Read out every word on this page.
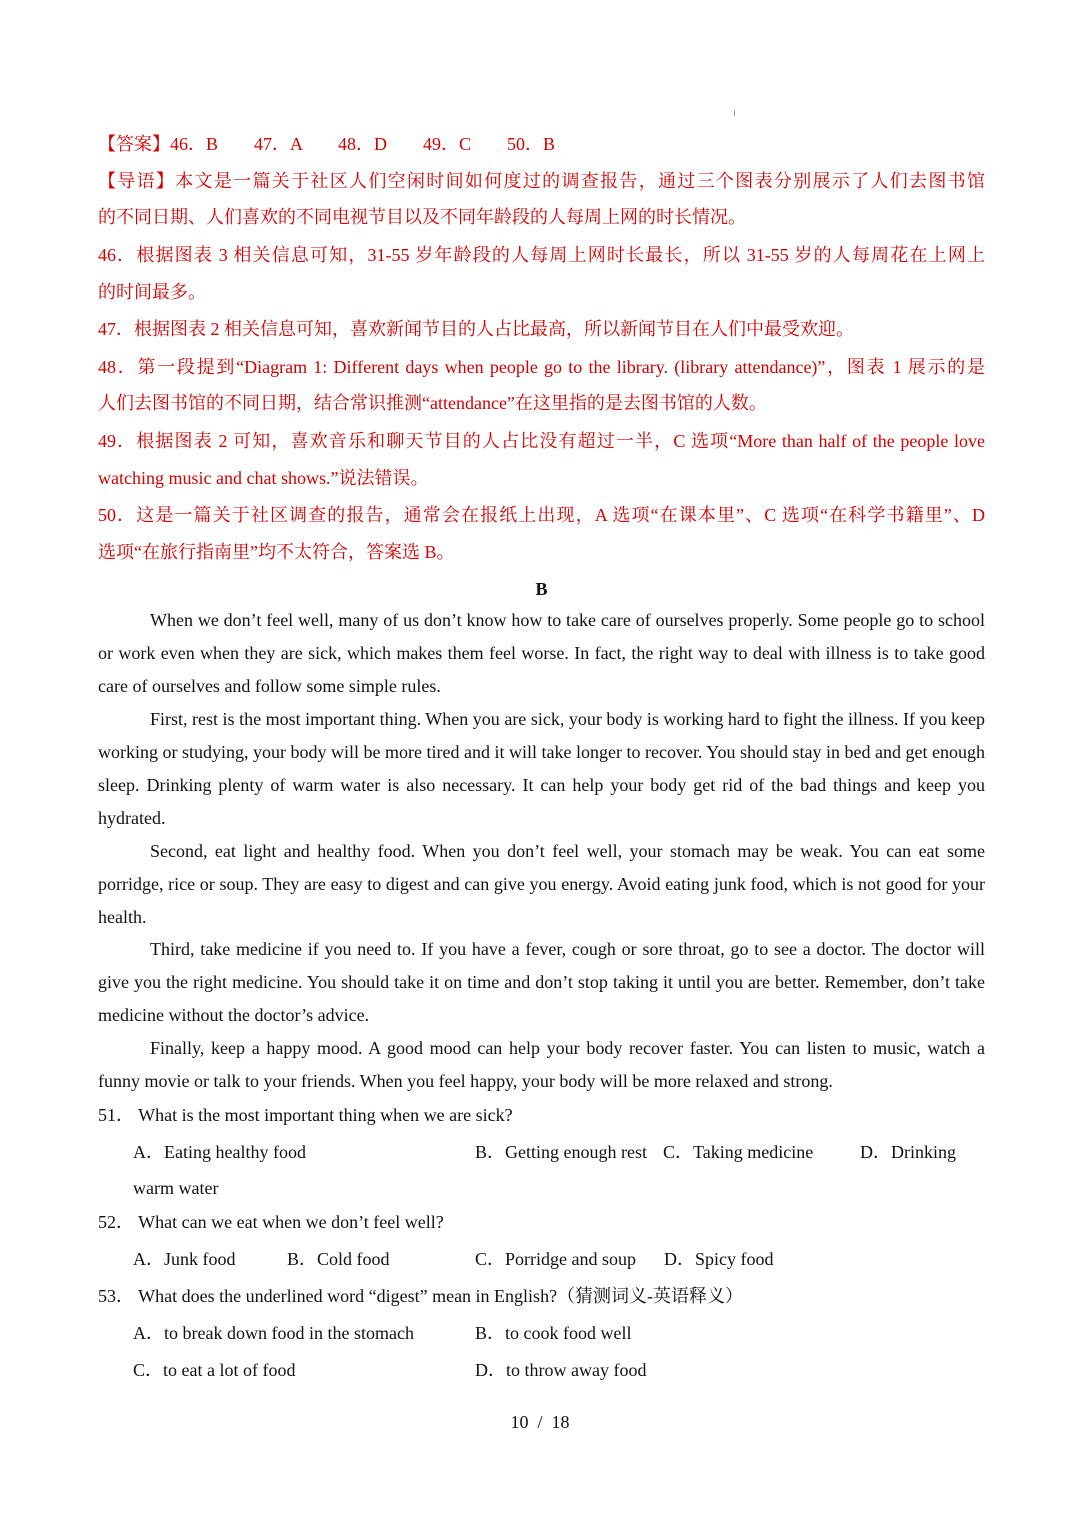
【答案】46．B　　47．A　　48．D　　49．C　　50．B
【导语】本文是一篇关于社区人们空闲时间如何度过的调查报告，通过三个图表分别展示了人们去图书馆
的不同日期、人们喜欢的不同电视节目以及不同年龄段的人每周上网的时长情况。
46．根据图表 3 相关信息可知，31-55 岁年龄段的人每周上网时长最长，所以 31-55 岁的人每周花在上网上
的时间最多。
47．根据图表 2 相关信息可知，喜欢新闻节目的人占比最高，所以新闻节目在人们中最受欢迎。
48．第一段提到“Diagram 1: Different days when people go to the library. (library attendance)”，图表 1 展示的是
人们去图书馆的不同日期，结合常识推测“attendance”在这里指的是去图书馆的人数。
49．根据图表 2 可知，喜欢音乐和聊天节目的人占比没有超过一半，C 选项“More than half of the people love
watching music and chat shows.”说法错误。
50．这是一篇关于社区调查的报告，通常会在报纸上出现，A 选项“在课本里”、C 选项“在科学书籍里”、D
选项“在旅行指南里”均不太符合，答案选 B。
B
When we don’t feel well, many of us don’t know how to take care of ourselves properly. Some people go to school or work even when they are sick, which makes them feel worse. In fact, the right way to deal with illness is to take good care of ourselves and follow some simple rules.
First, rest is the most important thing. When you are sick, your body is working hard to fight the illness. If you keep working or studying, your body will be more tired and it will take longer to recover. You should stay in bed and get enough sleep. Drinking plenty of warm water is also necessary. It can help your body get rid of the bad things and keep you hydrated.
Second, eat light and healthy food. When you don’t feel well, your stomach may be weak. You can eat some porridge, rice or soup. They are easy to digest and can give you energy. Avoid eating junk food, which is not good for your health.
Third, take medicine if you need to. If you have a fever, cough or sore throat, go to see a doctor. The doctor will give you the right medicine. You should take it on time and don’t stop taking it until you are better. Remember, don’t take medicine without the doctor’s advice.
Finally, keep a happy mood. A good mood can help your body recover faster. You can listen to music, watch a funny movie or talk to your friends. When you feel happy, your body will be more relaxed and strong.
51． What is the most important thing when we are sick?
A．Eating healthy food	B．Getting enough rest C．Taking medicine	D．Drinking
warm water
52． What can we eat when we don’t feel well?
A．Junk food	B．Cold food	C．Porridge and soup D．Spicy food
53． What does the underlined word “digest” mean in English?（猜测词义-英语释义）
A．to break down food in the stomach	B．to cook food well
C．to eat a lot of food	D．to throw away food
10  /  18
